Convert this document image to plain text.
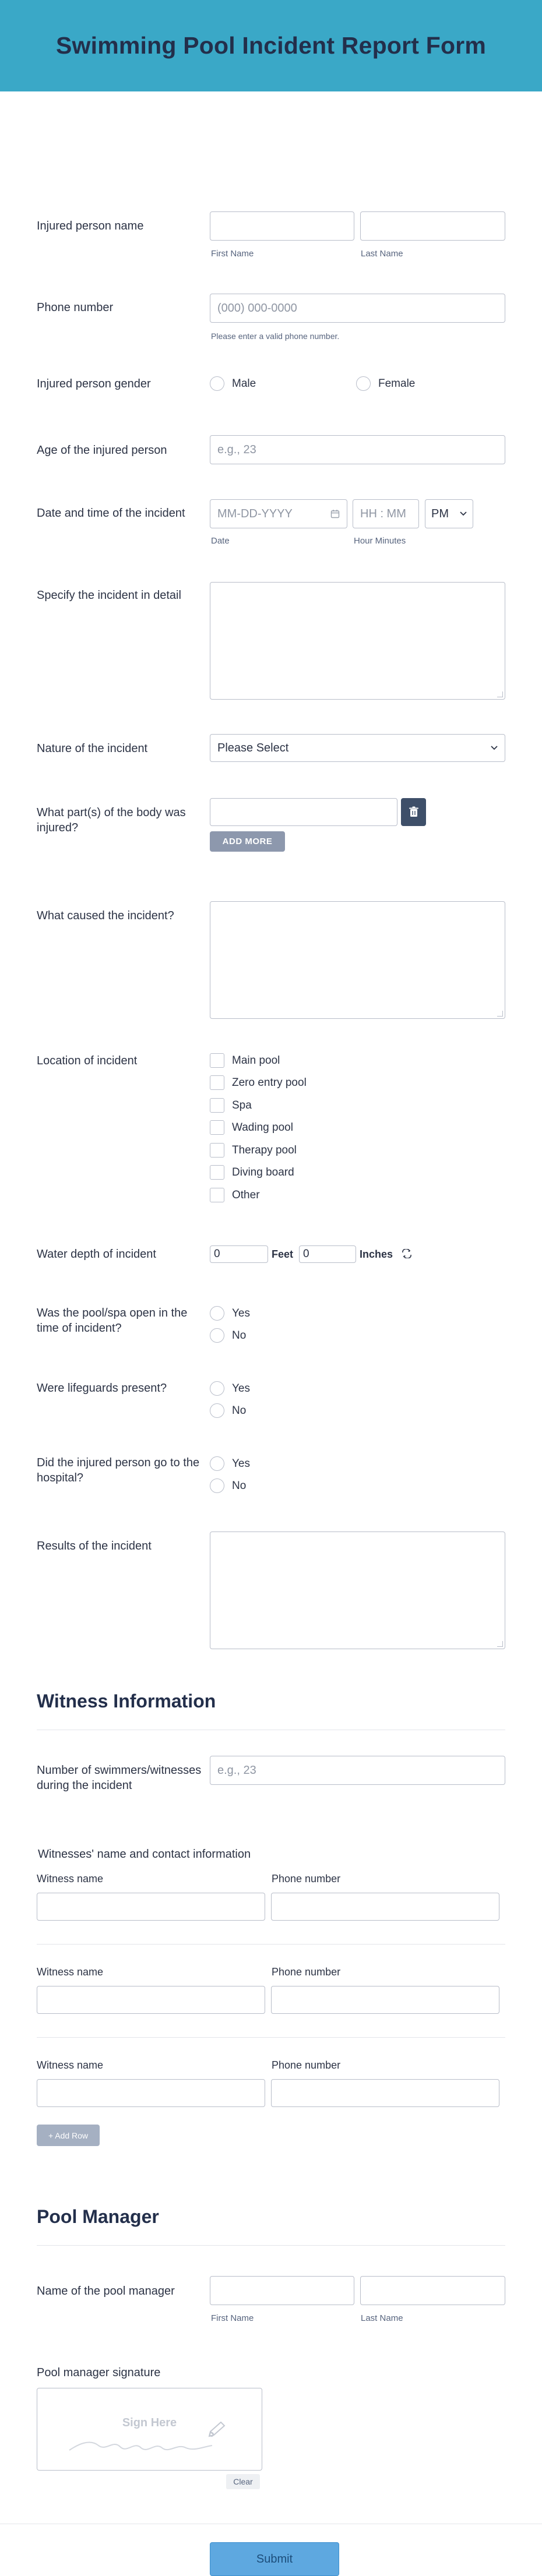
Swimming Pool Incident Report Form
Injured person name
First Name	Last Name
Phone number	(000) 000-0000
Please enter a valid phone number.
Injured person gender	Male	Female
Age of the injured person	e.g., 23
Date and time of the incident	MM-DD-YYYY	HH : MM PM
Date	Hour Minutes
Specify the incident in detail
Nature of the incident	Please Select
What part(s) of the body was injured?
ADD MORE
What caused the incident?
Location of incident	Main pool
Zero entry pool
Spa
Wading pool
Therapy pool
Diving board
Other
Water depth of incident	0	Feet 0	Inches
Was the pool/spa open in the time of incident?
Yes
No
Were lifeguards present?	Yes
No
Did the injured person go to the hospital?
Yes
No
Results of the incident
Witness Information
Number of swimmers/witnesses during the incident
e.g., 23
Witnesses' name and contact information
Witness name	Phone number
Witness name	Phone number
Witness name	Phone number
+ Add Row
Pool Manager
Name of the pool manager
First Name	Last Name
Pool manager signature
Sign Here
Clear
Submit
